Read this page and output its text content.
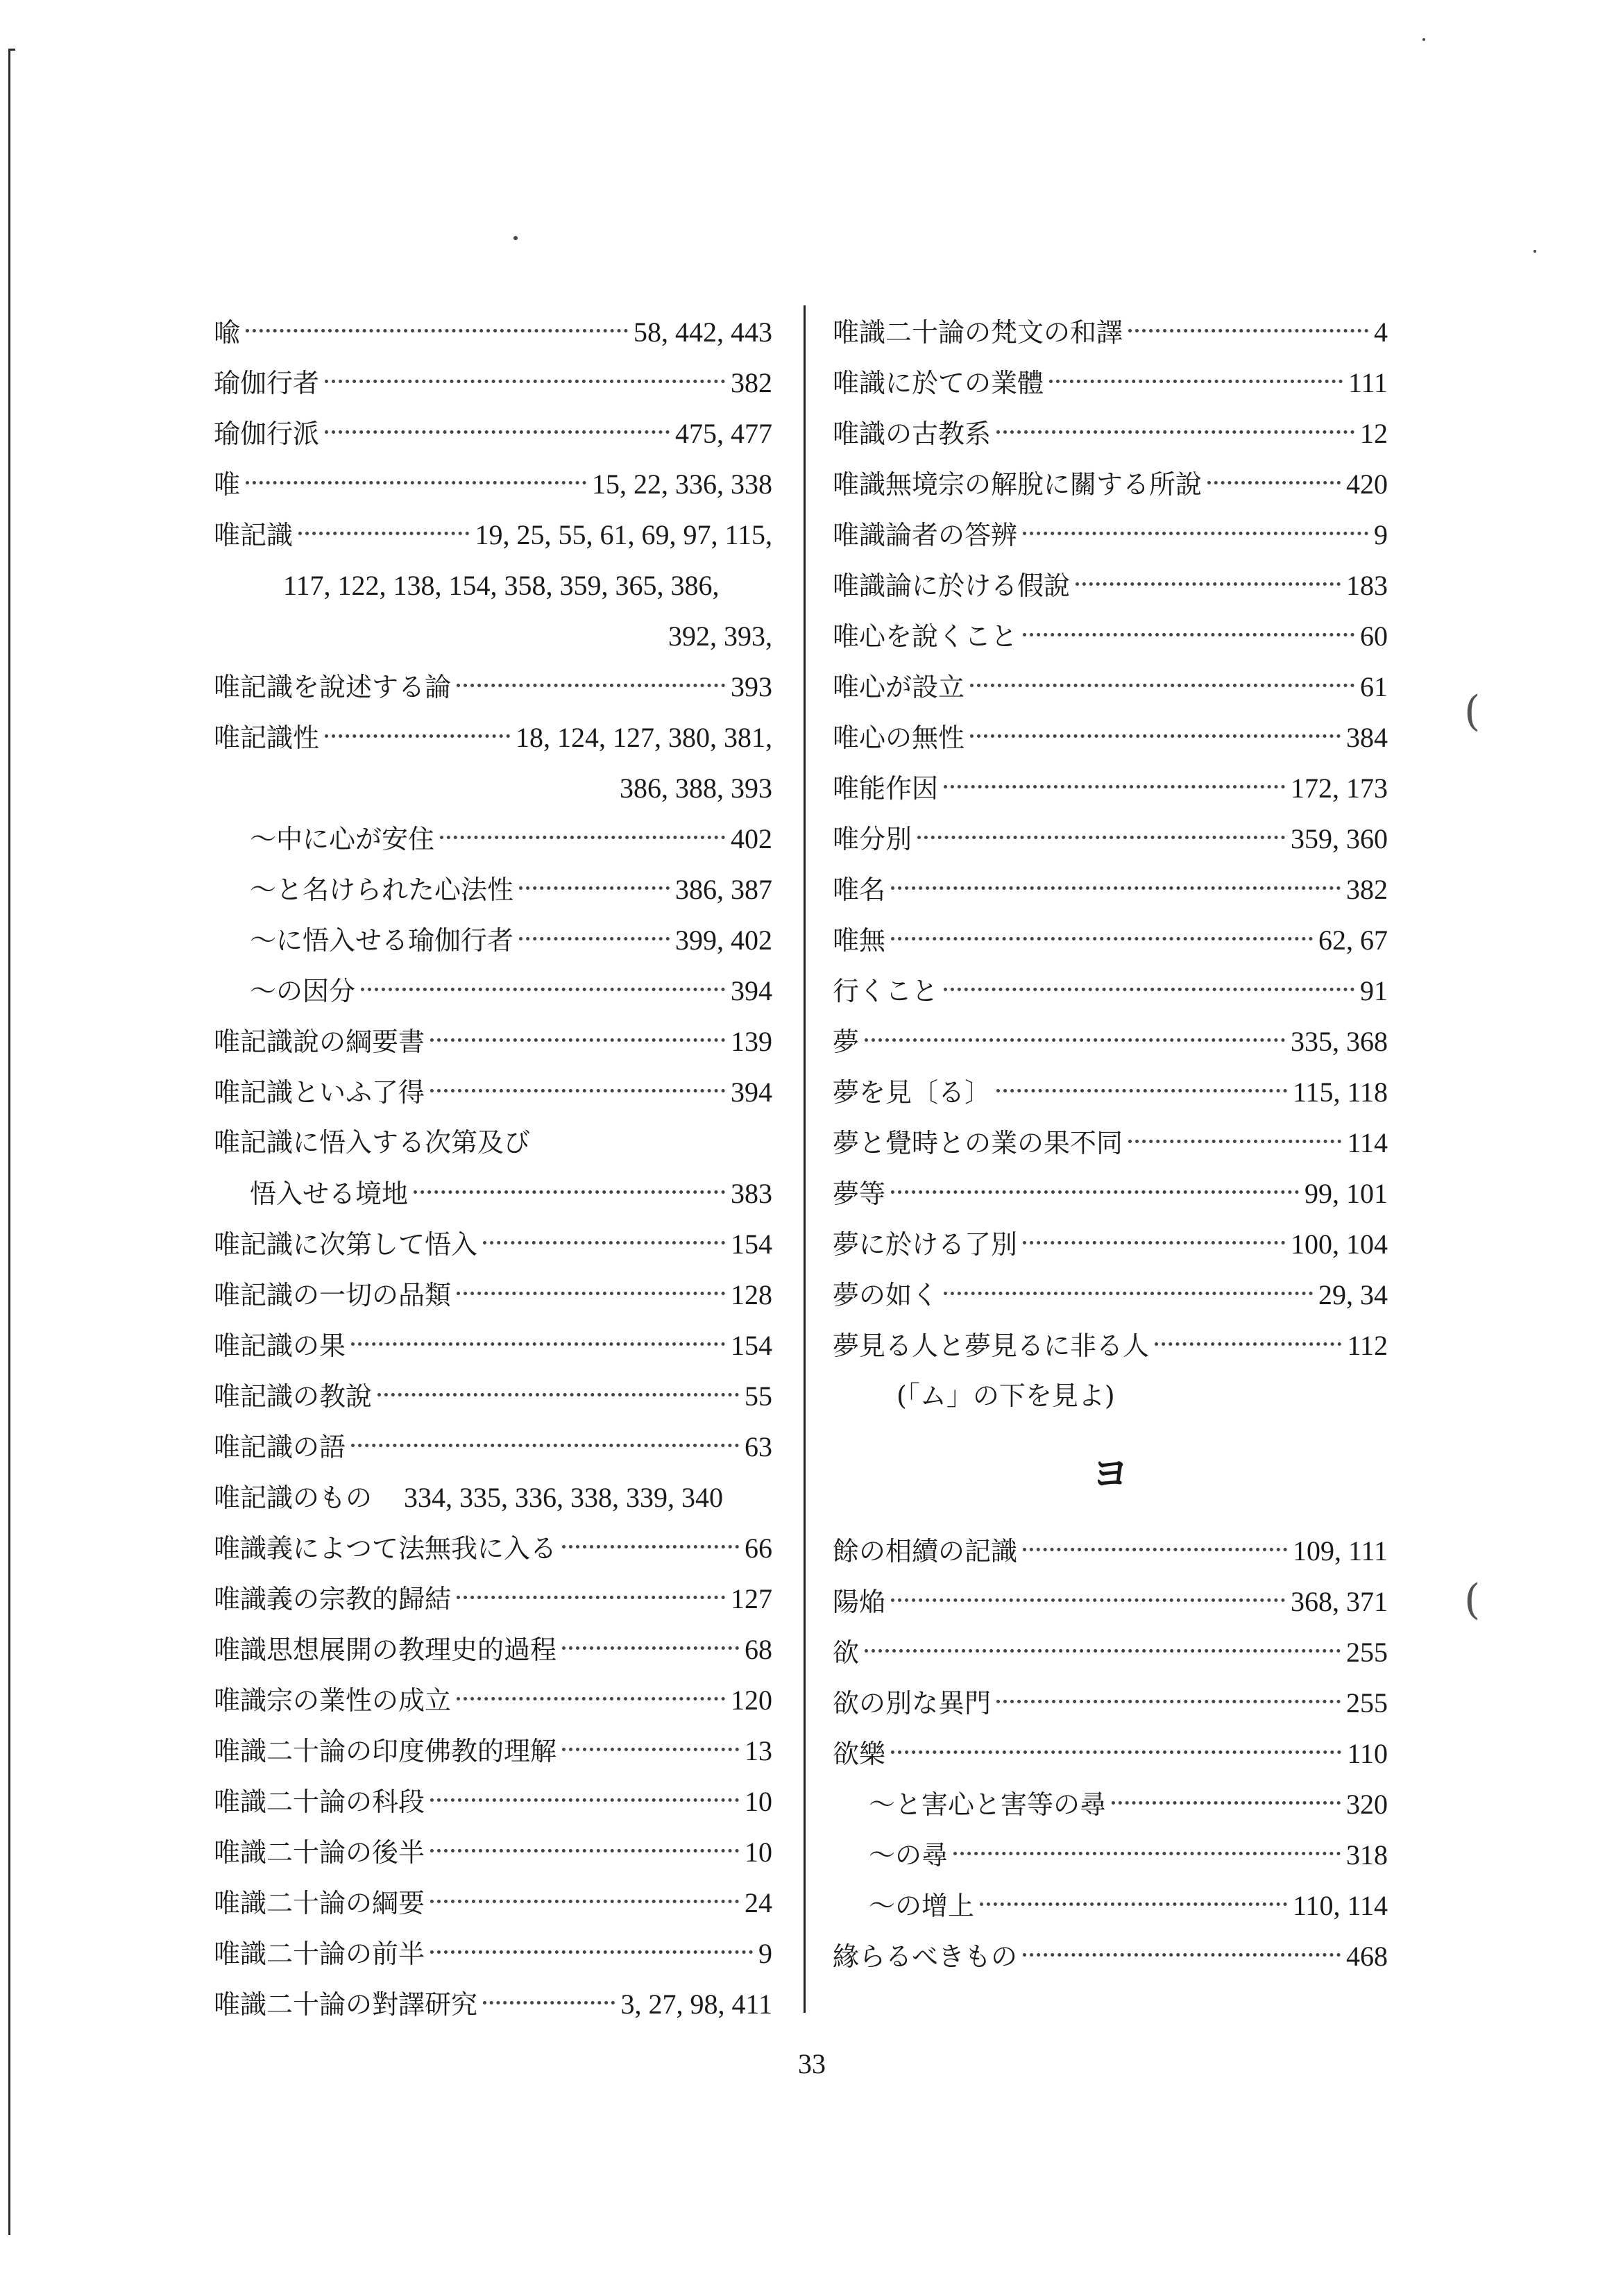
(
(
喩	58, 442, 443
瑜伽行者	382
瑜伽行派	475, 477
唯	15, 22, 336, 338
唯記識	19, 25, 55, 61, 69, 97, 115,
117, 122, 138, 154, 358, 359, 365, 386,
392, 393,
唯記識を說述する論	393
唯記識性	18, 124, 127, 380, 381,
386, 388, 393
〜中に心が安住	402
〜と名けられた心法性	386, 387
〜に悟入せる瑜伽行者	399, 402
〜の因分	394
唯記識說の綱要書	139
唯記識といふ了得	394
唯記識に悟入する次第及び
悟入せる境地	383
唯記識に次第して悟入	154
唯記識の一切の品類	128
唯記識の果	154
唯記識の教說	55
唯記識の語	63
唯記識のもの 334, 335, 336, 338, 339, 340
唯識義によつて法無我に入る	66
唯識義の宗教的歸結	127
唯識思想展開の教理史的過程	68
唯識宗の業性の成立	120
唯識二十論の印度佛教的理解	13
唯識二十論の科段	10
唯識二十論の後半	10
唯識二十論の綱要	24
唯識二十論の前半	9
唯識二十論の對譯研究	3, 27, 98, 411
唯識二十論の梵文の和譯	4
唯識に於ての業體	111
唯識の古教系	12
唯識無境宗の解脫に關する所說	420
唯識論者の答辨	9
唯識論に於ける假說	183
唯心を說くこと	60
唯心が設立	61
唯心の無性	384
唯能作因	172, 173
唯分別	359, 360
唯名	382
唯無	62, 67
行くこと	91
夢	335, 368
夢を見〔る〕	115, 118
夢と覺時との業の果不同	114
夢等	99, 101
夢に於ける了別	100, 104
夢の如く	29, 34
夢見る人と夢見るに非る人	112
(「ム」の下を見よ)
ヨ
餘の相續の記識	109, 111
陽焔	368, 371
欲	255
欲の別な異門	255
欲樂	110
〜と害心と害等の尋	320
〜の尋	318
〜の增上	110, 114
緣らるべきもの	468
33
